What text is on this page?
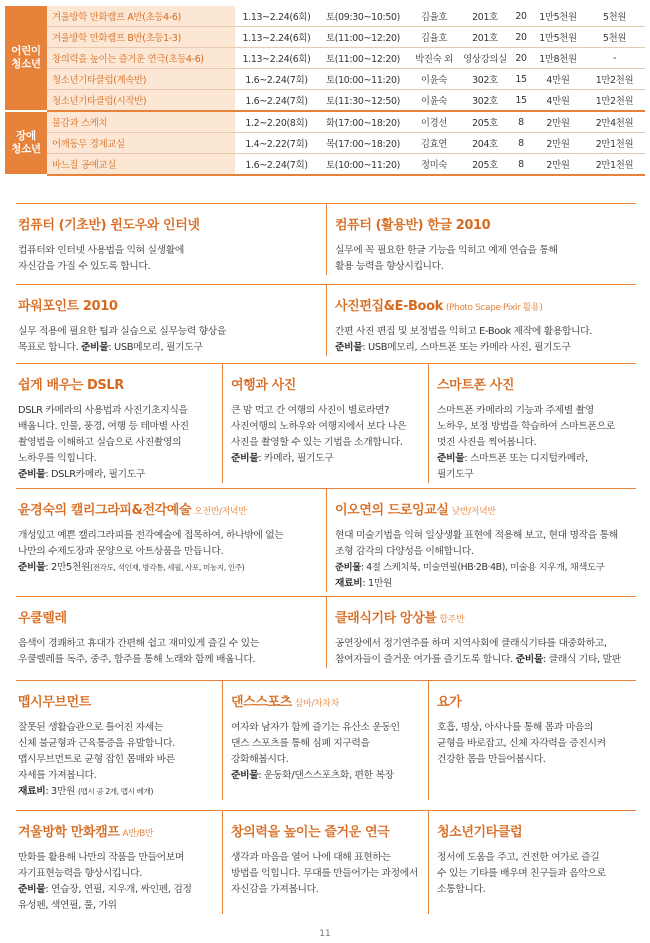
어린이
청소년	겨울방학 만화캠프 A반(초등4-6)	1.13~2.24(6회)	토(09:30~10:50)	김율호	201호	20	1만5천원	5천원
	겨울방학 만화캠프 B반(초등1-3)	1.13~2.24(6회)	토(11:00~12:20)	김율호	201호	20	1만5천원	5천원
	창의력을 높이는 즐거운 연극(초등4-6)	1.13~2.24(6회)	토(11:00~12:20)	박진숙 외	영상강의실	20	1만8천원	-
	청소년기타클럽(계속반)	1.6~2.24(7회)	토(10:00~11:20)	이윤숙	302호	15	4만원	1만2천원
	청소년기타클럽(시작반)	1.6~2.24(7회)	토(11:30~12:50)	이윤숙	302호	15	4만원	1만2천원
장애
청소년	물감과 스케치	1.2~2.20(8회)	화(17:00~18:20)	이경선	205호	8	2만원	2만4천원
	어깨동무 경제교실	1.4~2.22(7회)	목(17:00~18:20)	김효연	204호	8	2만원	2만1천원
	바느질 공예교실	1.6~2.24(7회)	토(10:00~11:20)	정미숙	205호	8	2만원	2만1천원
컴퓨터 (기초반) 윈도우와 인터넷

컴퓨터와 인터넷 사용법을 익혀 실생활에

자신감을 가질 수 있도록 합니다.

컴퓨터 (활용반) 한글 2010

실무에 꼭 필요한 한글 기능을 익히고 예제 연습을 통해

활용 능력을 향상시킵니다.

파워포인트 2010

실무 적용에 필요한 팁과 실습으로 실무능력 향상을

목표로 합니다. 준비물: USB메모리, 필기도구

사진편집&E-Book (Photo Scape·Pixlr 활용)

간편 사진 편집 및 보정법을 익히고 E-Book 제작에 활용합니다.

준비물: USB메모리, 스마트폰 또는 카메라 사진, 필기도구

쉽게 배우는 DSLR

DSLR 카메라의 사용법과 사진기초지식을

배웁니다. 인물, 풍경, 여행 등 테마별 사진

촬영법을 이해하고 실습으로 사진촬영의

노하우를 익힙니다.

준비물: DSLR카메라, 필기도구

여행과 사진

큰 맘 먹고 간 여행의 사진이 별로라면?

사진여행의 노하우와 여행지에서 보다 나은

사진을 촬영할 수 있는 기법을 소개합니다.

준비물: 카메라, 필기도구

스마트폰 사진

스마트폰 카메라의 기능과 주제별 촬영

노하우, 보정 방법을 학습하여 스마트폰으로

멋진 사진을 찍어봅니다.

준비물: 스마트폰 또는 디지털카메라,

필기도구

윤경숙의 캘리그라피&전각예술 오전반/저녁반

개성있고 예쁜 캘리그라피를 전각예술에 접목하여, 하나밖에 없는

나만의 수제도장과 문양으로 아트상품을 만듭니다.

준비물: 2만5천원(전각도, 석인재, 방각통, 세필, 사포, 미농지, 인주)

이오연의 드로잉교실 낮반/저녁반

현대 미술기법을 익혀 일상생활 표현에 적용해 보고, 현대 명작을 통해

조형 감각의 다양성을 이해합니다.

준비물: 4절 스케치북, 미술연필(HB·2B·4B), 미술용 지우개, 채색도구

재료비: 1만원

우쿨렐레

음색이 경쾌하고 휴대가 간편해 쉽고 재미있게 즐길 수 있는

우쿨렐레를 독주, 중주, 합주를 통해 노래와 함께 배웁니다.

클래식기타 앙상블 합주반

공연장에서 정기연주를 하며 지역사회에 클래식기타를 대중화하고,

참여자들이 즐거운 여가를 즐기도록 합니다. 준비물: 클래식 기타, 발판

맵시무브먼트

잘못된 생활습관으로 틀어진 자세는

신체 불균형과 근육통증을 유발합니다.

맵시무브먼트로 균형 잡힌 몸매와 바른

자세를 가져봅니다.

재료비: 3만원 (맵시 공 2개, 맵시 베개)

댄스스포츠 삼바/차차차

여자와 남자가 함께 즐기는 유산소 운동인

댄스 스포츠를 통해 심폐 지구력을

강화해봅시다.

준비물: 운동화/댄스스포츠화, 편한 복장

요가

호흡, 명상, 아사나를 통해 몸과 마음의

균형을 바로잡고, 신체 자각력을 증진시켜

건강한 몸을 만들어봅시다.

겨울방학 만화캠프 A반/B반

만화를 활용해 나만의 작품을 만들어보며

자기표현능력을 향상시킵니다.

준비물: 연습장, 연필, 지우개, 싸인펜, 검정

유성펜, 색연필, 풀, 가위

창의력을 높이는 즐거운 연극

생각과 마음을 열어 나에 대해 표현하는

방법을 익힙니다. 무대를 만들어가는 과정에서

자신감을 가져봅니다.

청소년기타클럽

정서에 도움을 주고, 건전한 여가로 즐길

수 있는 기타를 배우며 친구들과 음악으로

소통합니다.

11
